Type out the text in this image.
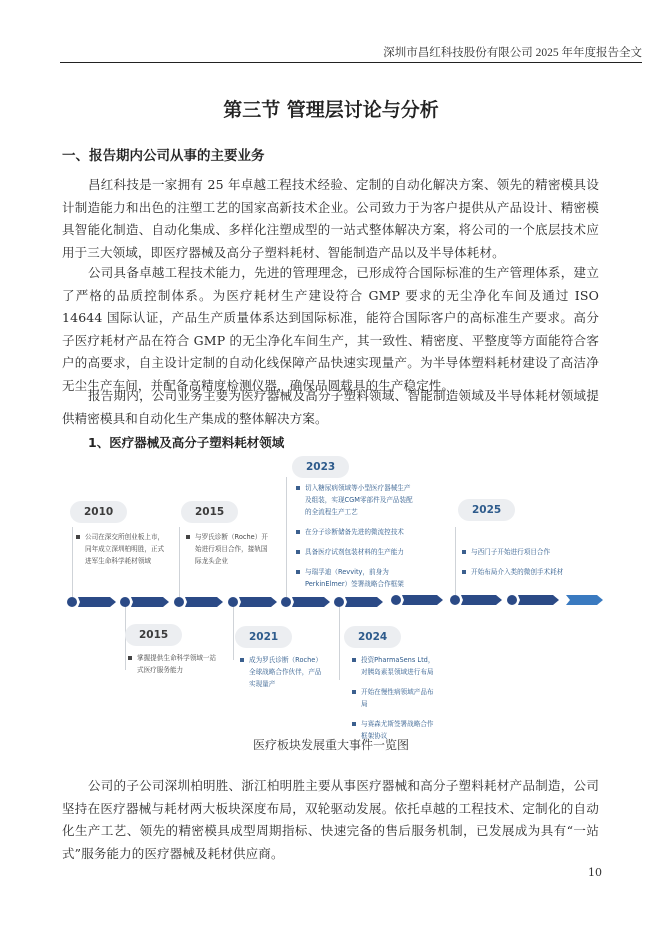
深圳市昌红科技股份有限公司 2025 年年度报告全文
第三节 管理层讨论与分析
一、报告期内公司从事的主要业务
昌红科技是一家拥有 25 年卓越工程技术经验、定制的自动化解决方案、领先的精密模具设计制造能力和出色的注塑工艺的国家高新技术企业。公司致力于为客户提供从产品设计、精密模具智能化制造、自动化集成、多样化注塑成型的一站式整体解决方案，将公司的一个底层技术应用于三大领域，即医疗器械及高分子塑料耗材、智能制造产品以及半导体耗材。
公司具备卓越工程技术能力，先进的管理理念，已形成符合国际标准的生产管理体系，建立了严格的品质控制体系。为医疗耗材生产建设符合 GMP 要求的无尘净化车间及通过 ISO 14644 国际认证，产品生产质量体系达到国际标准，能符合国际客户的高标准生产要求。高分子医疗耗材产品在符合 GMP 的无尘净化车间生产，其一致性、精密度、平整度等方面能符合客户的高要求，自主设计定制的自动化线保障产品快速实现量产。为半导体塑料耗材建设了高洁净无尘生产车间，并配备高精度检测仪器，确保品圆载具的生产稳定性。
报告期内，公司业务主要为医疗器械及高分子塑料领域、智能制造领域及半导体耗材领域提供精密模具和自动化生产集成的整体解决方案。
1、医疗器械及高分子塑料耗材领域
2010
公司在深交所创业板上市，同年成立深圳柏明胜，正式进军生命科学耗材领域
2015
掌握提供生命科学领域一站式医疗服务能力
2015
与罗氏诊断（Roche）开始进行项目合作，接轨国际龙头企业
2021
成为罗氏诊断（Roche）全球战略合作伙伴，产品实现量产
2023
切入糖尿病领域等小型医疗器械生产及组装，实现CGM零部件及产品装配的全流程生产工艺
在分子诊断储备先进的微流控技术
具备医疗试剂包装材料的生产能力
与瑞孚迪（Revvity，前身为PerkinElmer）签署战略合作框架
2024
投资PharmaSens Ltd，对胰岛素泵领域进行布局
开始在慢性病领域产品布局
与赛森尤斯签署战略合作框架协议
2025
与西门子开始进行项目合作
开始布局介入类的微创手术耗材
医疗板块发展重大事件一览图
公司的子公司深圳柏明胜、浙江柏明胜主要从事医疗器械和高分子塑料耗材产品制造，公司坚持在医疗器械与耗材两大板块深度布局，双轮驱动发展。依托卓越的工程技术、定制化的自动化生产工艺、领先的精密模具成型周期指标、快速完备的售后服务机制，已发展成为具有“一站式”服务能力的医疗器械及耗材供应商。
10
